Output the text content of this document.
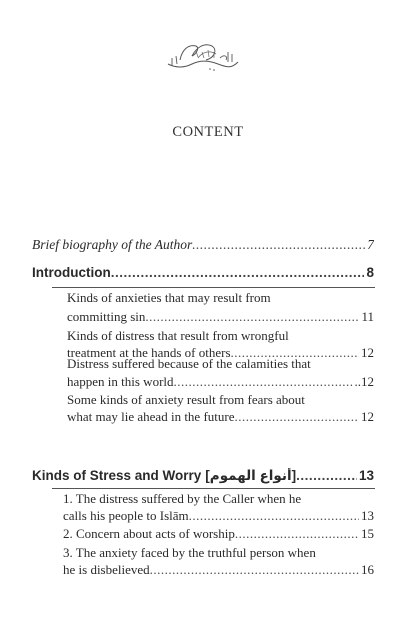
CONTENT
Brief biography of the Author .....	7
Introduction .....	8
Kinds of anxieties that may result from
committing sin .....	11
Kinds of distress that result from wrongful
treatment at the hands of others .....	12
Distress suffered because of the calamities that
happen in this world .....	..12
Some kinds of anxiety result from fears about
what may lie ahead in the future .....	12
Kinds of Stress and Worry [أنواع الهموم] .....	13
1. The distress suffered by the Caller when he
calls his people to Islām .....	13
2. Concern about acts of worship .....	15
3. The anxiety faced by the truthful person when
he is disbelieved .....	16
